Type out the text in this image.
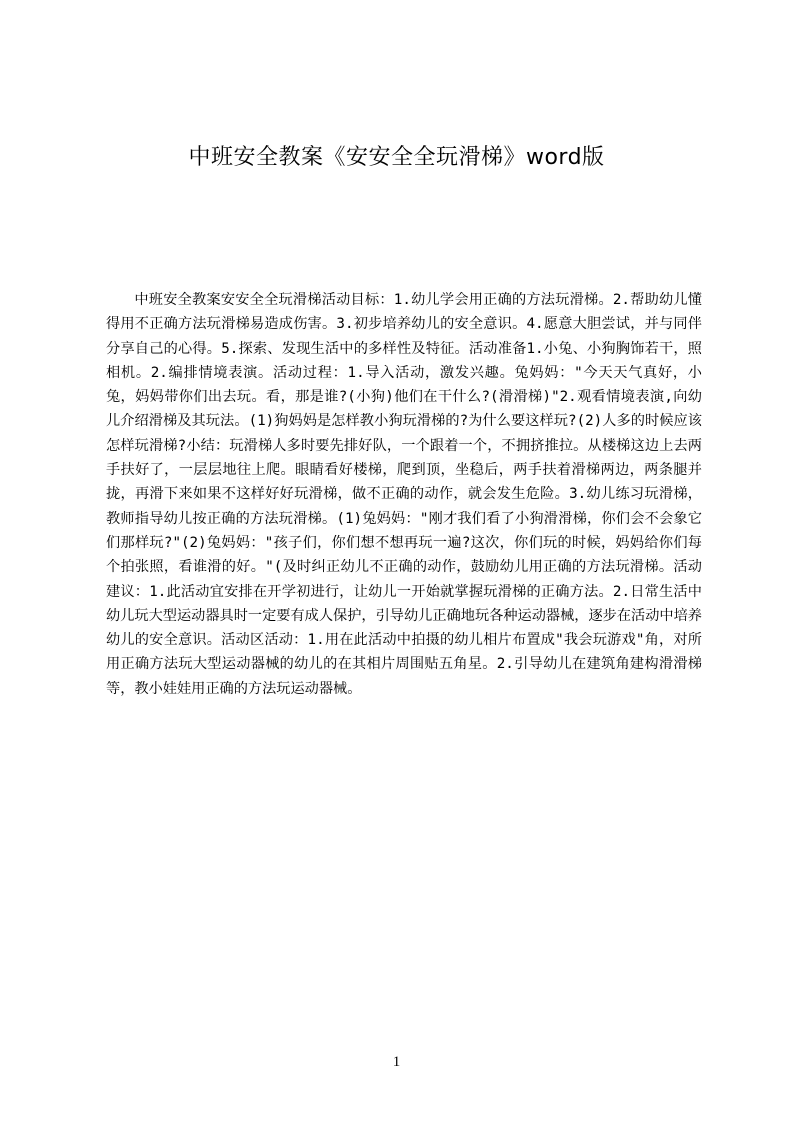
中班安全教案《安安全全玩滑梯》word版

中班安全教案安安全全玩滑梯活动目标：1.幼儿学会用正确的方法玩滑梯。2.帮助幼儿懂得用不正确方法玩滑梯易造成伤害。3.初步培养幼儿的安全意识。4.愿意大胆尝试，并与同伴分享自己的心得。5.探索、发现生活中的多样性及特征。活动准备1.小兔、小狗胸饰若干，照相机。2.编排情境表演。活动过程：1.导入活动，激发兴趣。兔妈妈："今天天气真好，小兔，妈妈带你们出去玩。看，那是谁?(小狗)他们在干什么?(滑滑梯)"2.观看情境表演,向幼儿介绍滑梯及其玩法。(1)狗妈妈是怎样教小狗玩滑梯的?为什么要这样玩?(2)人多的时候应该怎样玩滑梯?小结：玩滑梯人多时要先排好队，一个跟着一个，不拥挤推拉。从楼梯这边上去两手扶好了，一层层地往上爬。眼睛看好楼梯，爬到顶，坐稳后，两手扶着滑梯两边，两条腿并拢，再滑下来如果不这样好好玩滑梯，做不正确的动作，就会发生危险。3.幼儿练习玩滑梯，教师指导幼儿按正确的方法玩滑梯。(1)兔妈妈："刚才我们看了小狗滑滑梯，你们会不会象它们那样玩?"(2)兔妈妈："孩子们，你们想不想再玩一遍?这次，你们玩的时候，妈妈给你们每个拍张照，看谁滑的好。"(及时纠正幼儿不正确的动作，鼓励幼儿用正确的方法玩滑梯。活动建议：1.此活动宜安排在开学初进行，让幼儿一开始就掌握玩滑梯的正确方法。2.日常生活中幼儿玩大型运动器具时一定要有成人保护，引导幼儿正确地玩各种运动器械，逐步在活动中培养幼儿的安全意识。活动区活动：1.用在此活动中拍摄的幼儿相片布置成"我会玩游戏"角，对所用正确方法玩大型运动器械的幼儿的在其相片周围贴五角星。2.引导幼儿在建筑角建构滑滑梯等，教小娃娃用正确的方法玩运动器械。

1
